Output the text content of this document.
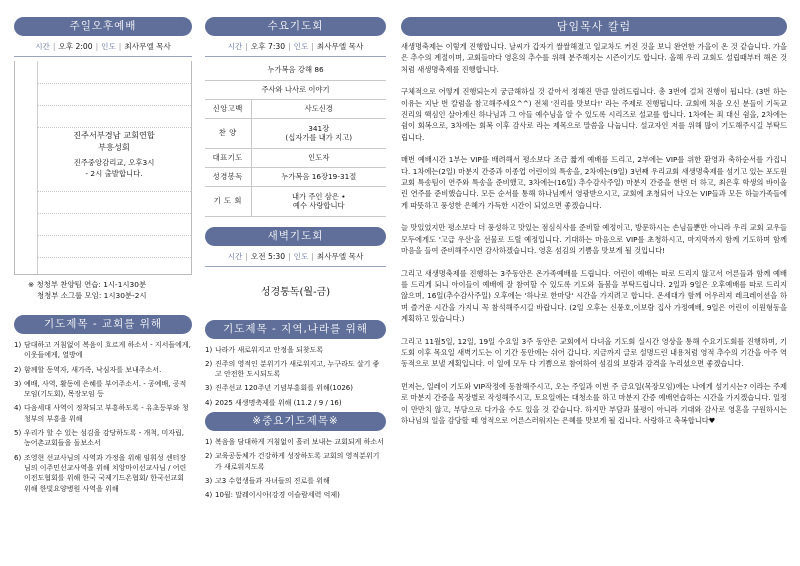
주일오후예배
시간 | 오후 2:00 | 인도 | 최사무엘 목사
진주서부경남 교회연합
부흥성회
진주중앙감리교, 오후3시
- 2시 출발합니다.
※ 청청부 찬양팀 연습: 1시-1시30분
청청부 소그룹 모임: 1시30분-2시
기도제목 - 교회를 위해
1) 담대하고 거침없이 복음이 흐르게 하소서 - 지서들에게, 이웃들에게, 열방에
2) 함께할 동역자, 새가족, 낙심자를 보내주소서.
3) 예배, 사역, 활동에 은혜를 부어주소서. - 공예배, 공적모임(기도회), 목장모임 등
4) 다음세대 사역이 정착되고 부흥하도록 - 유초등부와 청청부의 부흥을 위해
5) 우리가 할 수 있는 섬김을 감당하도록 - 개척, 미자립, 농어촌교회들을 돌보소서
6) 조영현 선교사님의 사역과 가정을 위해 임휘성 센터장님의 이주민선교사역을 위해 치앙마이선교사님 / 어린이전도협회를 위해 한국 국제기드온협회/ 한국선교회 위해 한빛요양병원 사역을 위해
수요기도회
시간 | 오후 7:30 | 인도 | 최사무엘 목사
누가복음 강해 86	
주사와 나사로 이야기	
신앙고백	사도신경

찬 양	341장
(십자가를 내가 지고)

대표기도	인도자

성경봉독	누가복음 16장19-31절

기 도 회	내가 주인 삼은 •
예수 사랑합니다
새벽기도회
시간 | 오전 5:30 | 인도 | 최사무엘 목사
성경통독(월-금)
기도제목 - 지역,나라를 위해
1) 나라가 새로워지고 안정을 되찾도록
2) 진주의 영적인 분위기가 새로워지고, 누구라도 살기 좋고 안전한 도시되도록
3) 진주선교 120주년 기념부흥회를 위해(1026)
4) 2025 새생명축제를 위해 (11.2 / 9 / 16)
※중요기도제목※
1) 복음을 담대하게 거침없이 흘러 보내는 교회되게 하소서
2) 교육공동체가 건강하게 성장하도록 교회의 영적분위기가 새로워지도록
3) 고3 수험생들과 자녀들의 진로를 위해
4) 10월: 말레이시아(강경 이슬람세력 억제)
담임목사 칼럼

새생명축제는 이렇게 진행합니다. 날씨가 갑자기 쌀쌀해졌고 일교차도 커진 것을 보니 완연한 가을이 온 것 같습니다. 가을은 추수의 계절이며, 교회들마다 영혼의 추수를 위해 분주해지는 시즌이기도 합니다. 올해 우리 교회도 설립때부터 해온 것처럼 새생명축제를 진행합니다.

구체적으로 어떻게 진행되는지 궁금해하실 것 같아서 정해진 만큼 알려드립니다. 총 3번에 걸쳐 진행이 됩니다. (3번 하는 이유는 지난 번 칼럼을 참고해주세요^^) 전체 '진리를 맛보다!' 라는 주제로 진행됩니다. 교회에 처음 오신 분들이 기독교 진리의 핵심인 살아계신 하나님과 그 아들 예수님을 알 수 있도록 시리즈로 설교를 합니다. 1차에는 죄 대신 쉼을, 2차에는 쉼이 회복으로, 3차에는 회복 이후 감사로 라는 제목으로 말씀을 나눕니다. 설교자인 저를 위해 많이 기도해주시길 부탁드립니다.

매번 예배시간 1부는 VIP를 배려해서 평소보다 조금 짧게 예배를 드리고, 2부에는 VIP를 위한 환영과 축하순서를 가집니다. 1차에는(2일) 마분지 간증과 이종업 어린이의 특송을, 2차에는(9일) 3년째 우리교회 새생명축제를 섬기고 있는 포도원교회 특송팀이 연주와 특송을 준비했고, 3차에는(16일) 추수감사주일) 마분지 간증을 한번 더 하고, 최은후 학생의 바이올린 연주를 준비했습니다. 모든 순서를 통해 하나님께서 영광받으시고, 교회에 초청되어 나오는 VIP들과 모든 하늘가족들에게 따뜻하고 풍성한 은혜가 가득한 시간이 되었으면 좋겠습니다.

늘 맛있었지만 평소보다 더 풍성하고 맛있는 점심식사를 준비할 예정이고, 방문하시는 손님들뿐만 아니라 우리 교회 교우들 모두에게도 '고급 우산'을 선물로 드릴 예정입니다. 기대하는 마음으로 VIP를 초청하시고, 마지막까지 함께 기도하며 함께 마음을 들여 준비해주시면 감사하겠습니다. 영혼 섬김의 기쁨을 맛보게 될 것입니다!

그리고 새생명축제를 진행하는 3주동안은 온가족예배를 드립니다. 어린이 예배는 따로 드리지 않고서 어른들과 함께 예배를 드리게 되니 아이들이 예배에 잘 참여할 수 있도록 기도와 돌봄을 부탁드립니다. 2일과 9일은 오후예배를 따로 드리지 않으며, 16일(추수감사주일) 오후에는 '하나로 한마당' 시간을 가지려고 합니다. 온세대가 함께 어우러져 레크레이션을 하며 즐거운 시간을 가지니 꼭 참석해주시길 바랍니다. (2일 오후는 신풍호,이보람 집사 가정예배, 9일은 어린이 이원형동을 계획하고 있습니다.)

그리고 11월5일, 12일, 19일 수요일 3주 동안은 교회에서 다녀올 기도회 실시간 영상을 통해 수요기도회를 진행하며, 기도회 이후 목요일 새벽기도는 이 기간 동안에는 쉬어 갑니다. 지금까지 글로 설명드린 내용처럼 영적 추수의 기간을 아주 역동적으로 보낼 계획입니다. 이 일에 모두 다 기쁨으로 참여하여 섬김의 보람과 감격을 누리셨으면 좋겠습니다.

먼저는, 일레이 기도와 VIP작정에 동참해주시고, 오는 주일과 이번 주 금요일(목장모임)에는 나에게 섬기시는? 이라는 주제로 마분지 간증을 목장별로 작성해주시고, 토요일에는 대청소를 하고 마분지 간증 예배연습하는 시간을 가지겠습니다. 일정이 만만치 않고, 부담으로 다가올 수도 있을 것 같습니다. 하지만 부담과 불평이 아니라 기대와 감사로 영혼을 구원하시는 하나님의 일을 감당할 때 영적으로 어른스러워지는 은혜를 맛보게 될 겁니다. 사랑하고 축복합니다♥
